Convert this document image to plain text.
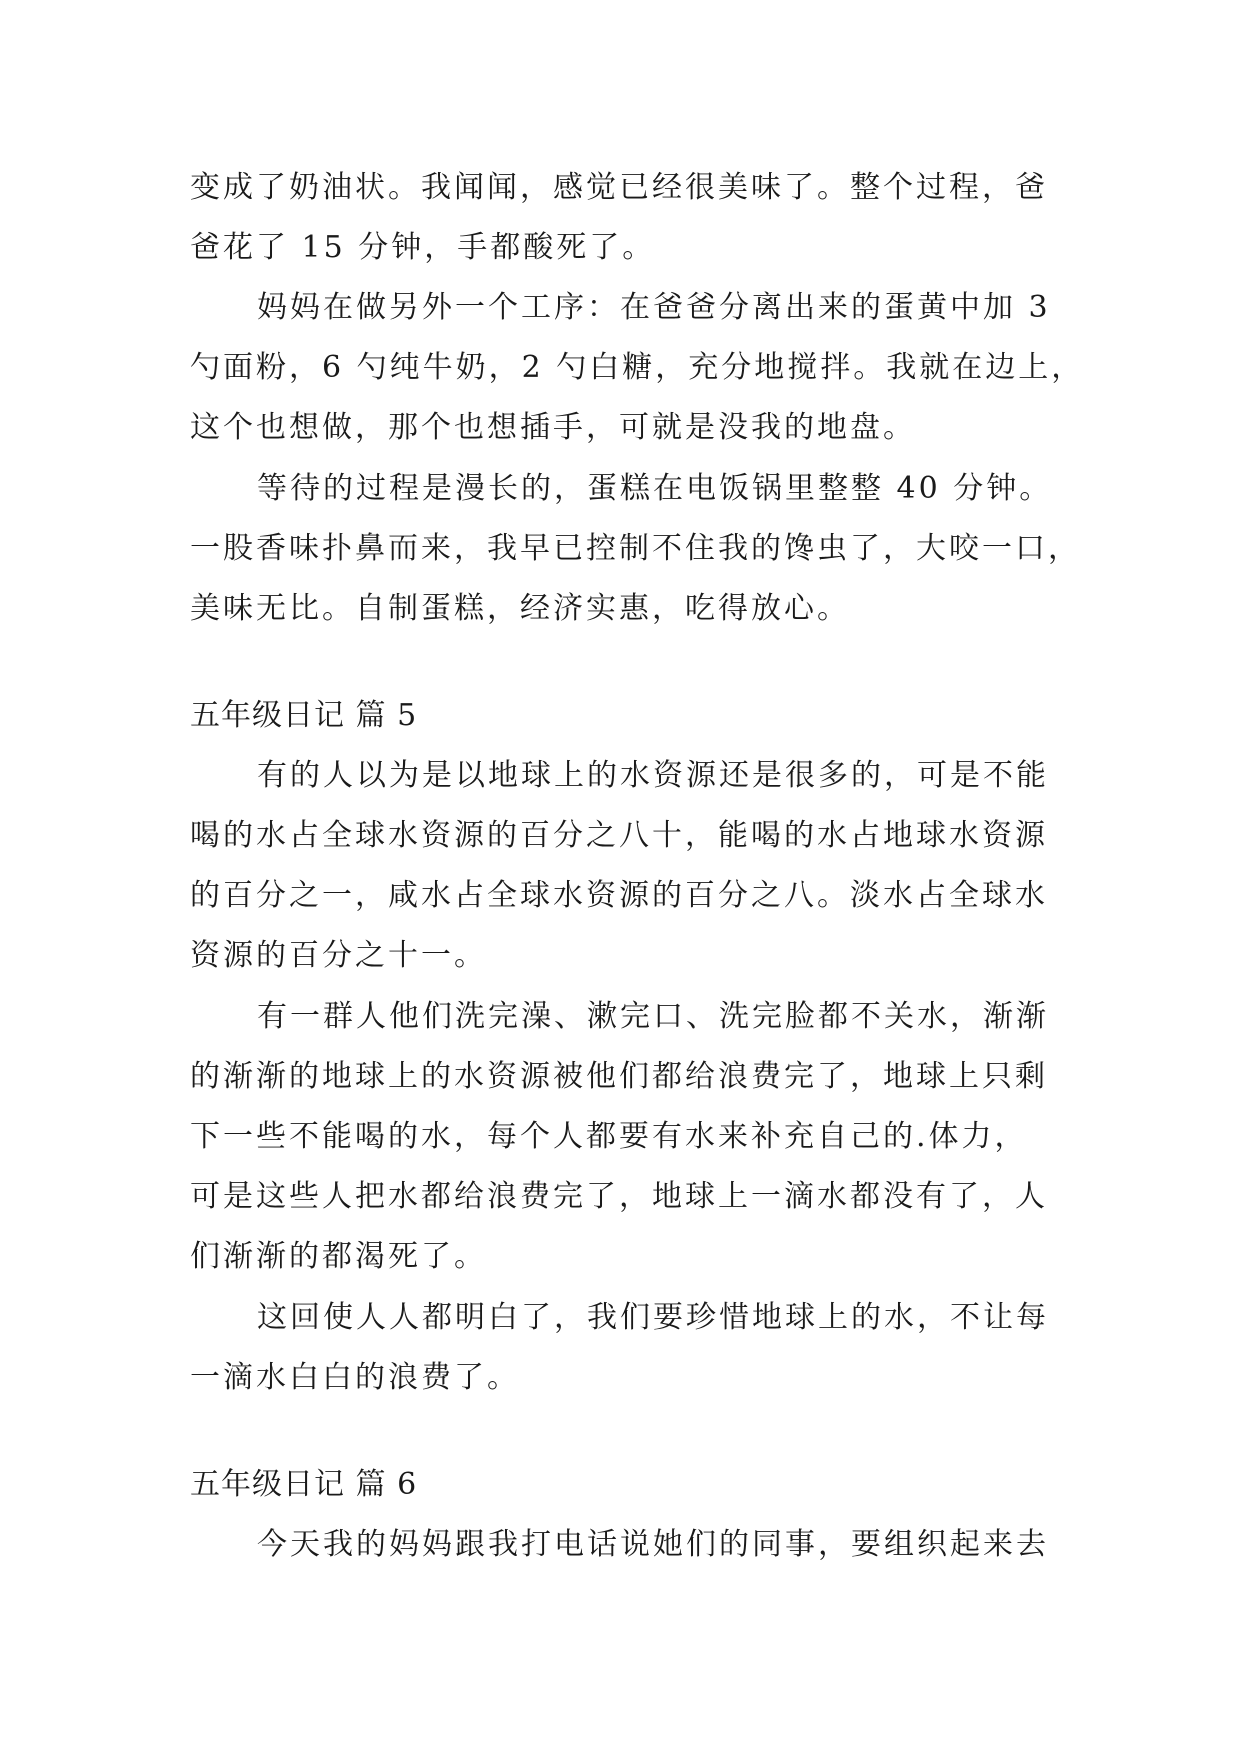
变成了奶油状。我闻闻，感觉已经很美味了。整个过程，爸
爸花了 15 分钟，手都酸死了。
妈妈在做另外一个工序：在爸爸分离出来的蛋黄中加 3
勺面粉，6 勺纯牛奶，2 勺白糖，充分地搅拌。我就在边上，
这个也想做，那个也想插手，可就是没我的地盘。
等待的过程是漫长的，蛋糕在电饭锅里整整 40 分钟。
一股香味扑鼻而来，我早已控制不住我的馋虫了，大咬一口，
美味无比。自制蛋糕，经济实惠，吃得放心。
五年级日记 篇 5
有的人以为是以地球上的水资源还是很多的，可是不能
喝的水占全球水资源的百分之八十，能喝的水占地球水资源
的百分之一，咸水占全球水资源的百分之八。淡水占全球水
资源的百分之十一。
有一群人他们洗完澡、漱完口、洗完脸都不关水，渐渐
的渐渐的地球上的水资源被他们都给浪费完了，地球上只剩
下一些不能喝的水，每个人都要有水来补充自己的.体力，
可是这些人把水都给浪费完了，地球上一滴水都没有了，人
们渐渐的都渴死了。
这回使人人都明白了，我们要珍惜地球上的水，不让每
一滴水白白的浪费了。
五年级日记 篇 6
今天我的妈妈跟我打电话说她们的同事，要组织起来去
